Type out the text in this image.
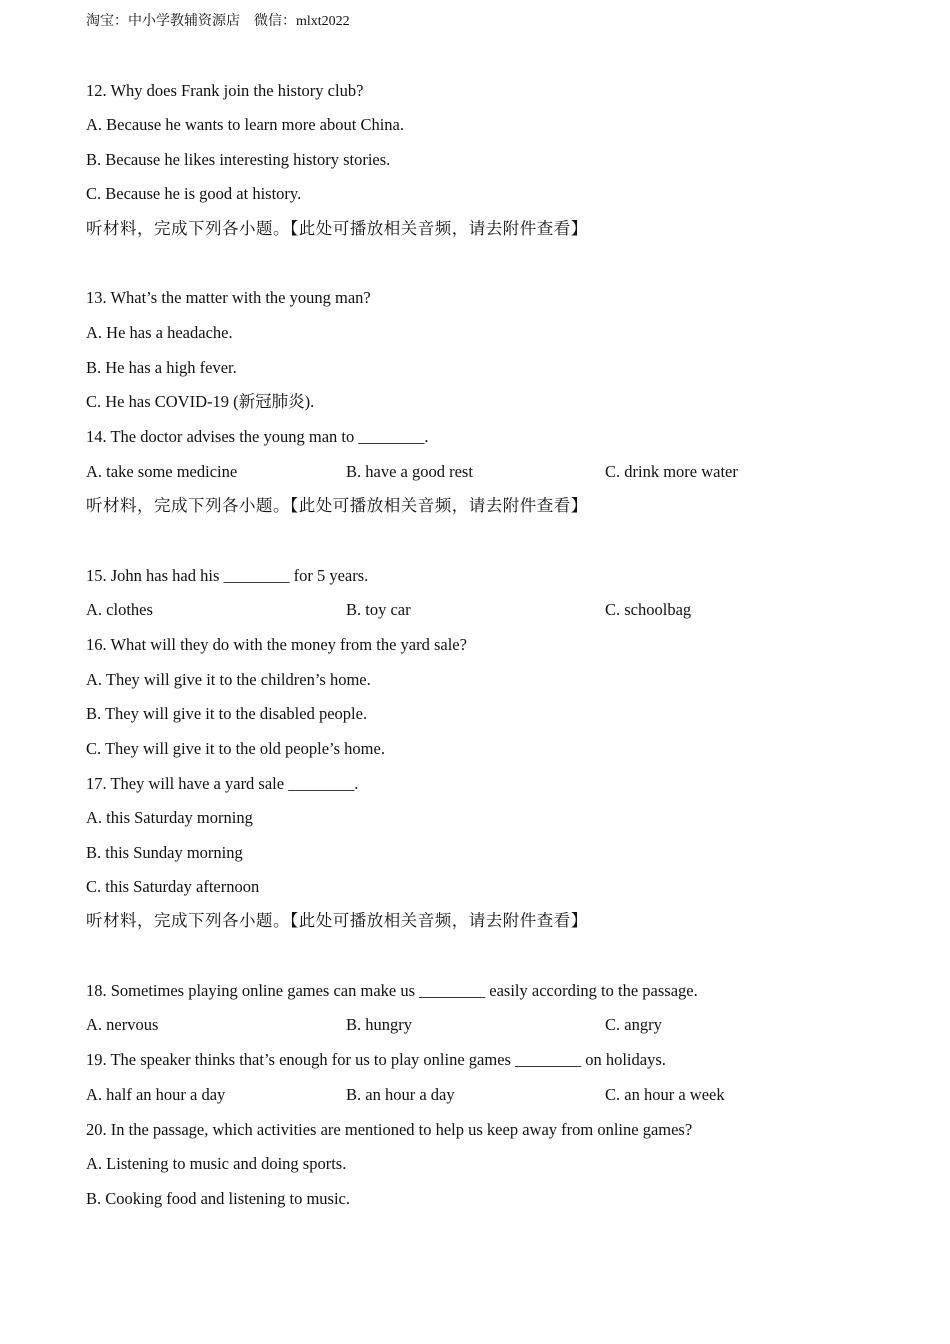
淘宝：中小学教辅资源店　微信：mlxt2022
12. Why does Frank join the history club?
A. Because he wants to learn more about China.
B. Because he likes interesting history stories.
C. Because he is good at history.
听材料，完成下列各小题。【此处可播放相关音频，请去附件查看】
13. What’s the matter with the young man?
A. He has a headache.
B. He has a high fever.
C. He has COVID-19 (新冠肺炎).
14. The doctor advises the young man to ________.
A. take some medicine	B. have a good rest	C. drink more water
听材料，完成下列各小题。【此处可播放相关音频，请去附件查看】
15. John has had his ________ for 5 years.
A. clothes	B. toy car	C. schoolbag
16. What will they do with the money from the yard sale?
A. They will give it to the children’s home.
B. They will give it to the disabled people.
C. They will give it to the old people’s home.
17. They will have a yard sale ________.
A. this Saturday morning
B. this Sunday morning
C. this Saturday afternoon
听材料，完成下列各小题。【此处可播放相关音频，请去附件查看】
18. Sometimes playing online games can make us ________ easily according to the passage.
A. nervous	B. hungry	C. angry
19. The speaker thinks that’s enough for us to play online games ________ on holidays.
A. half an hour a day	B. an hour a day	C. an hour a week
20. In the passage, which activities are mentioned to help us keep away from online games?
A. Listening to music and doing sports.
B. Cooking food and listening to music.
